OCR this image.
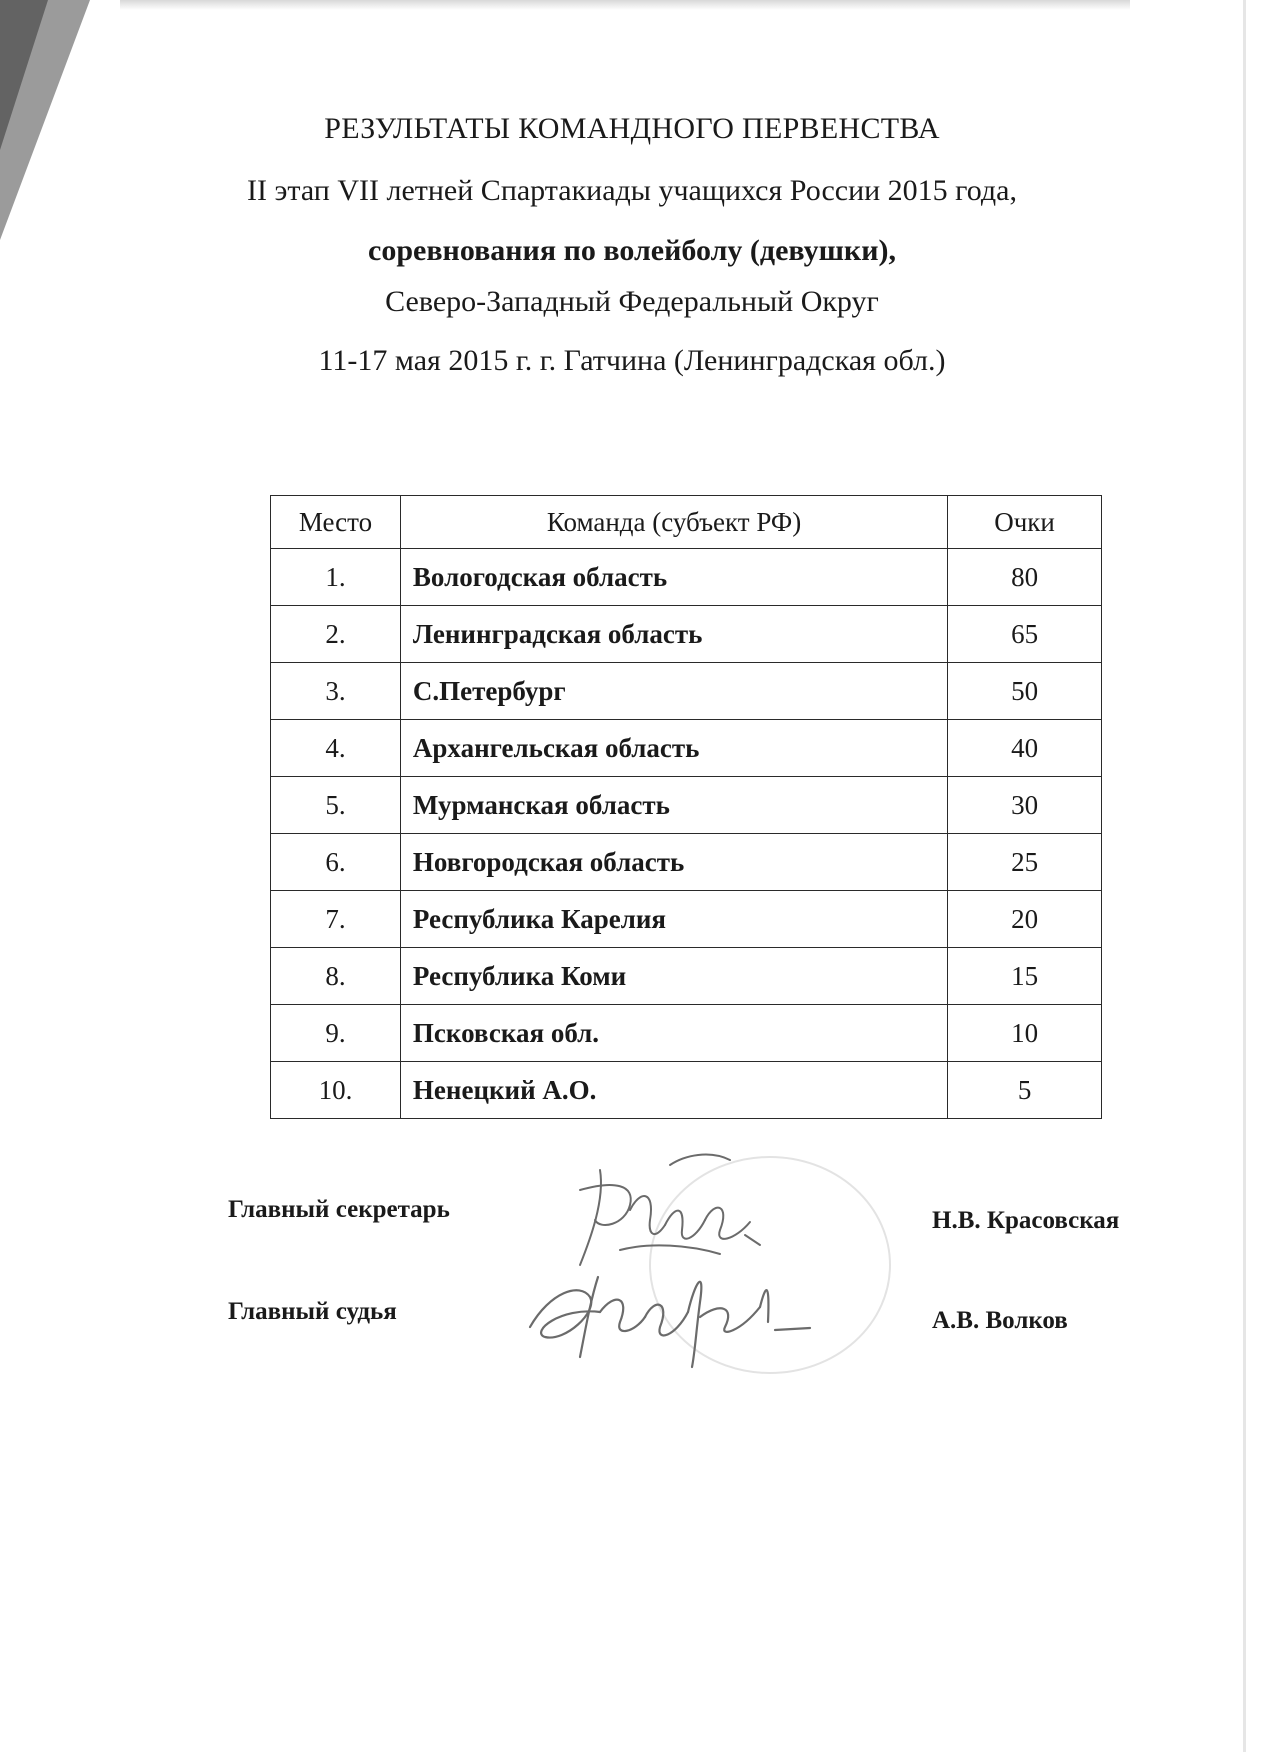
РЕЗУЛЬТАТЫ КОМАНДНОГО ПЕРВЕНСТВА
II этап VII летней Спартакиады учащихся России 2015 года,
соревнования по волейболу (девушки),
Северо-Западный Федеральный Округ
11-17 мая 2015 г. г. Гатчина (Ленинградская обл.)
Место	Команда (субъект РФ)	Очки
1.	Вологодская область	80
2.	Ленинградская область	65
3.	С.Петербург	50
4.	Архангельская область	40
5.	Мурманская область	30
6.	Новгородская область	25
7.	Республика Карелия	20
8.	Республика Коми	15
9.	Псковская обл.	10
10.	Ненецкий А.О.	5
Главный секретарь	Н.В. Красовская
Главный судья	А.В. Волков
